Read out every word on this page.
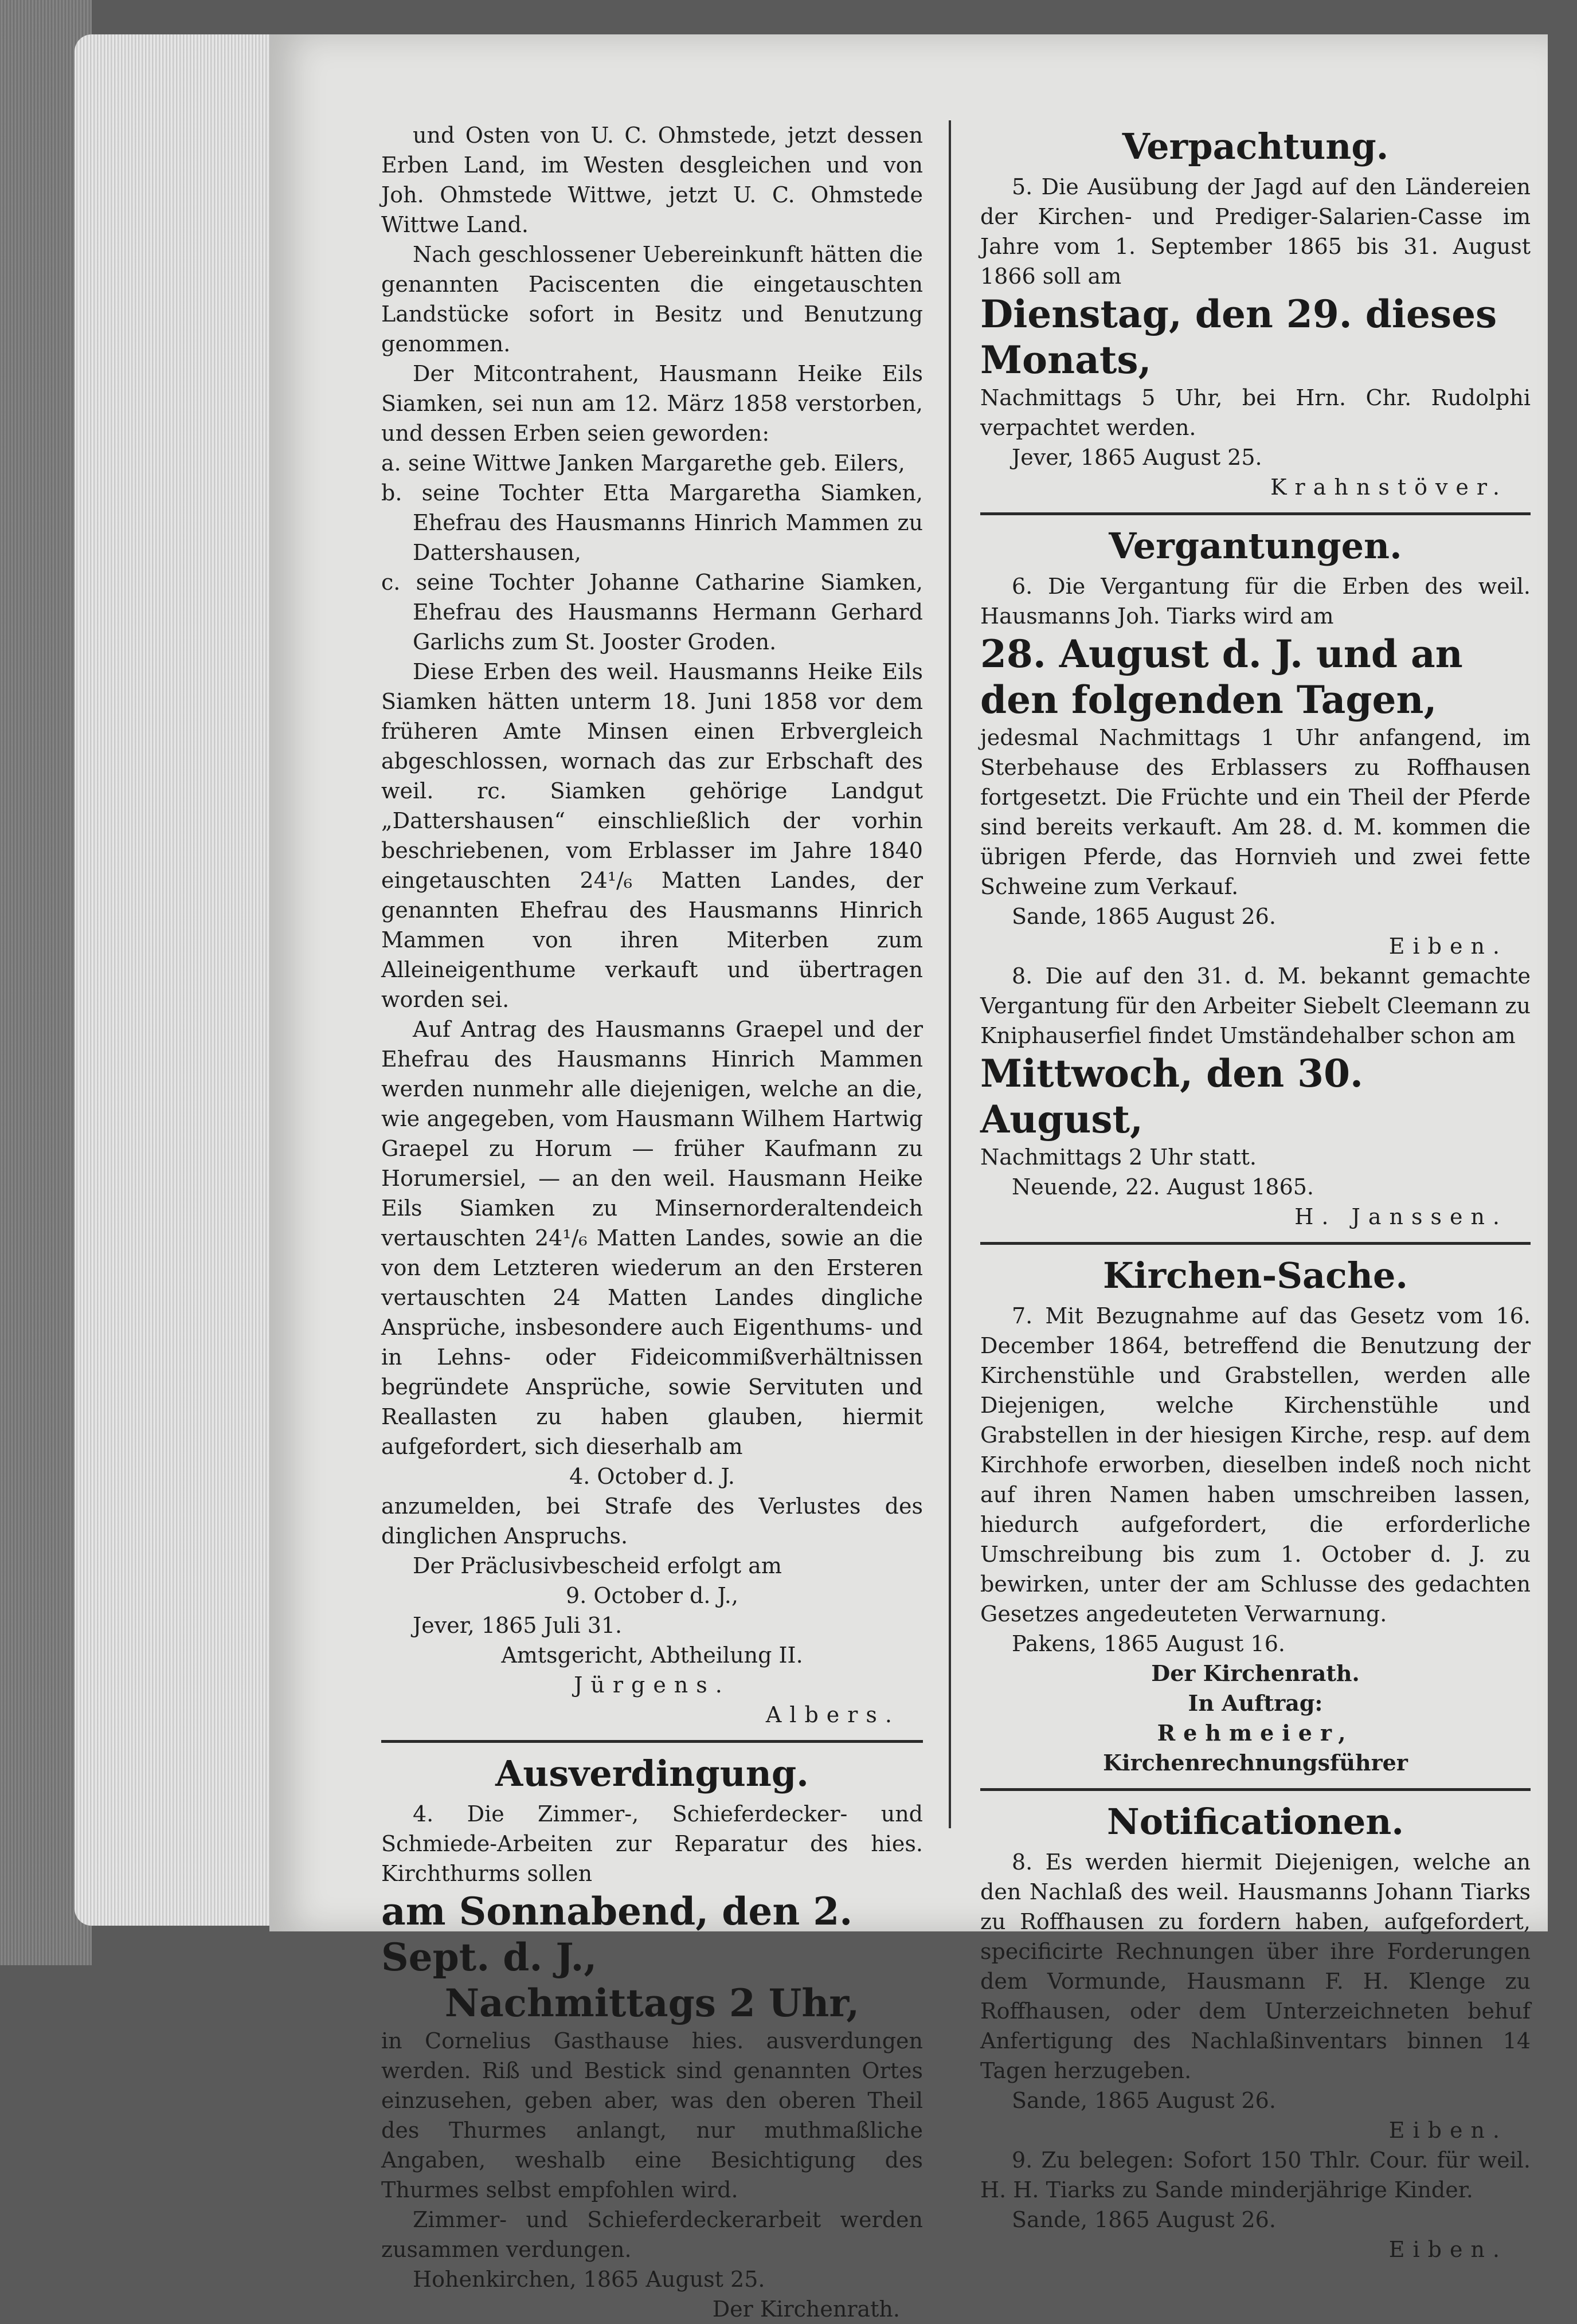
und Osten von U. C. Ohmstede, jetzt dessen Erben Land, im Westen desgleichen und von Joh. Ohmstede Wittwe, jetzt U. C. Ohmstede Wittwe Land.

Nach geschlossener Uebereinkunft hätten die genannten Paciscenten die eingetauschten Landstücke sofort in Besitz und Benutzung genommen.

Der Mitcontrahent, Hausmann Heike Eils Siamken, sei nun am 12. März 1858 verstorben, und dessen Erben seien geworden:

a. seine Wittwe Janken Margarethe geb. Eilers,

b. seine Tochter Etta Margaretha Siamken, Ehefrau des Hausmanns Hinrich Mammen zu Dattershausen,

c. seine Tochter Johanne Catharine Siamken, Ehefrau des Hausmanns Hermann Gerhard Garlichs zum St. Jooster Groden.

Diese Erben des weil. Hausmanns Heike Eils Siamken hätten unterm 18. Juni 1858 vor dem früheren Amte Minsen einen Erbvergleich abgeschlossen, wornach das zur Erbschaft des weil. rc. Siamken gehörige Landgut „Dattershausen“ einschließlich der vorhin beschriebenen, vom Erblasser im Jahre 1840 eingetauschten 24¹/₆ Matten Landes, der genannten Ehefrau des Hausmanns Hinrich Mammen von ihren Miterben zum Alleineigenthume verkauft und übertragen worden sei.

Auf Antrag des Hausmanns Graepel und der Ehefrau des Hausmanns Hinrich Mammen werden nunmehr alle diejenigen, welche an die, wie angegeben, vom Hausmann Wilhem Hartwig Graepel zu Horum — früher Kaufmann zu Horumersiel, — an den weil. Hausmann Heike Eils Siamken zu Minsernorderaltendeich vertauschten 24¹/₆ Matten Landes, sowie an die von dem Letzteren wiederum an den Ersteren vertauschten 24 Matten Landes dingliche Ansprüche, insbesondere auch Eigenthums- und in Lehns- oder Fideicommißverhältnissen begründete Ansprüche, sowie Servituten und Reallasten zu haben glauben, hiermit aufgefordert, sich dieserhalb am

4. October d. J.

anzumelden, bei Strafe des Verlustes des dinglichen Anspruchs.

Der Präclusivbescheid erfolgt am

9. October d. J.,

Jever, 1865 Juli 31.

Amtsgericht, Abtheilung II.

Jürgens.

Albers.

Ausverdingung.

4. Die Zimmer-, Schieferdecker- und Schmiede-Arbeiten zur Reparatur des hies. Kirchthurms sollen

am Sonnabend, den 2. Sept. d. J.,

Nachmittags 2 Uhr,

in Cornelius Gasthause hies. ausverdungen werden. Riß und Bestick sind genannten Ortes einzusehen, geben aber, was den oberen Theil des Thurmes anlangt, nur muthmaßliche Angaben, weshalb eine Besichtigung des Thurmes selbst empfohlen wird.

Zimmer- und Schieferdeckerarbeit werden zusammen verdungen.

Hohenkirchen, 1865 August 25.

Der Kirchenrath.

Verpachtung.

5. Die Ausübung der Jagd auf den Ländereien der Kirchen- und Prediger-Salarien-Casse im Jahre vom 1. September 1865 bis 31. August 1866 soll am

Dienstag, den 29. dieses Monats,

Nachmittags 5 Uhr, bei Hrn. Chr. Rudolphi verpachtet werden.

Jever, 1865 August 25.

Krahnstöver.

Vergantungen.

6. Die Vergantung für die Erben des weil. Hausmanns Joh. Tiarks wird am

28. August d. J. und an den folgenden Tagen,

jedesmal Nachmittags 1 Uhr anfangend, im Sterbehause des Erblassers zu Roffhausen fortgesetzt. Die Früchte und ein Theil der Pferde sind bereits verkauft. Am 28. d. M. kommen die übrigen Pferde, das Hornvieh und zwei fette Schweine zum Verkauf.

Sande, 1865 August 26.

Eiben.

8. Die auf den 31. d. M. bekannt gemachte Vergantung für den Arbeiter Siebelt Cleemann zu Kniphauserfiel findet Umständehalber schon am

Mittwoch, den 30. August,

Nachmittags 2 Uhr statt.

Neuende, 22. August 1865.

H. Janssen.

Kirchen-Sache.

7. Mit Bezugnahme auf das Gesetz vom 16. December 1864, betreffend die Benutzung der Kirchenstühle und Grabstellen, werden alle Diejenigen, welche Kirchenstühle und Grabstellen in der hiesigen Kirche, resp. auf dem Kirchhofe erworben, dieselben indeß noch nicht auf ihren Namen haben umschreiben lassen, hiedurch aufgefordert, die erforderliche Umschreibung bis zum 1. October d. J. zu bewirken, unter der am Schlusse des gedachten Gesetzes angedeuteten Verwarnung.

Pakens, 1865 August 16.

Der Kirchenrath.

In Auftrag:

Rehmeier,

Kirchenrechnungsführer

Notificationen.

8. Es werden hiermit Diejenigen, welche an den Nachlaß des weil. Hausmanns Johann Tiarks zu Roffhausen zu fordern haben, aufgefordert, specificirte Rechnungen über ihre Forderungen dem Vormunde, Hausmann F. H. Klenge zu Roffhausen, oder dem Unterzeichneten behuf Anfertigung des Nachlaßinventars binnen 14 Tagen herzugeben.

Sande, 1865 August 26.

Eiben.

9. Zu belegen: Sofort 150 Thlr. Cour. für weil. H. H. Tiarks zu Sande minderjährige Kinder.

Sande, 1865 August 26.

Eiben.
